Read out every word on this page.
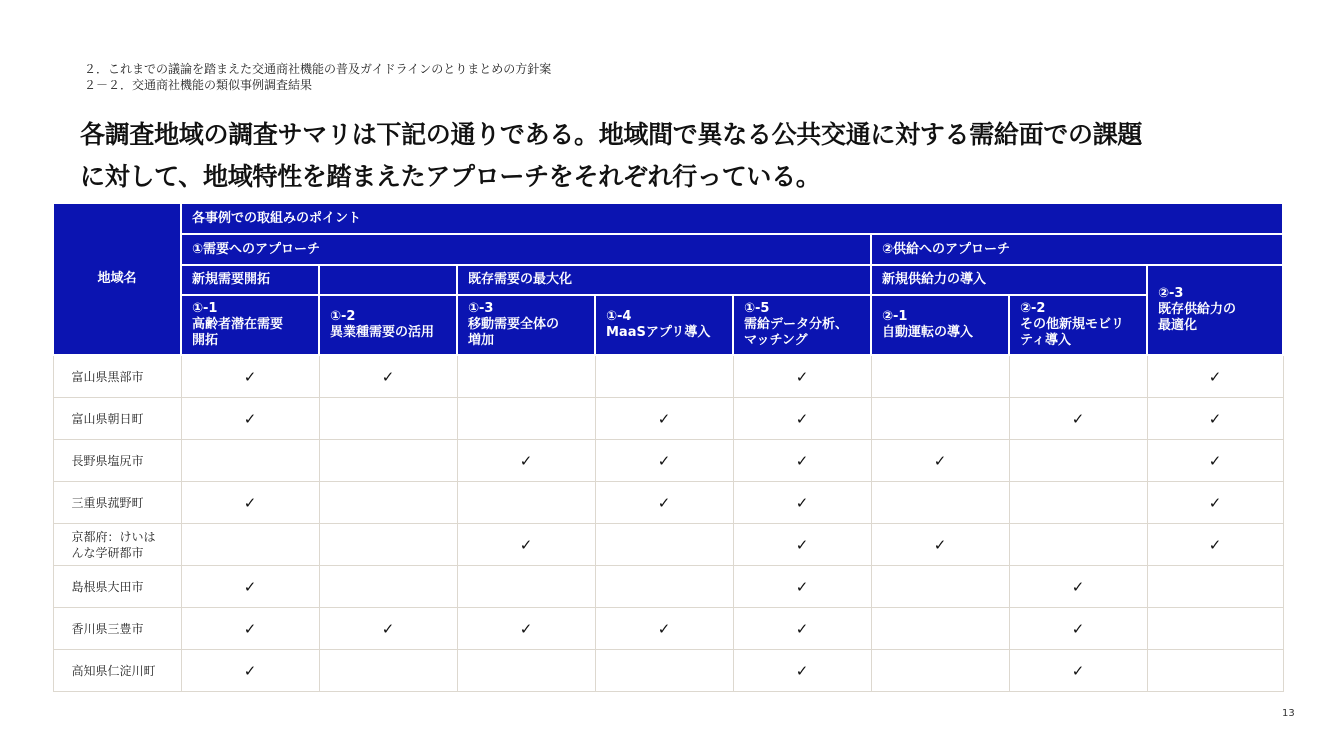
２．これまでの議論を踏まえた交通商社機能の普及ガイドラインのとりまとめの方針案
２－２．交通商社機能の類似事例調査結果
各調査地域の調査サマリは下記の通りである。地域間で異なる公共交通に対する需給面での課題
に対して、地域特性を踏まえたアプローチをそれぞれ行っている。
地域名	各事例での取組みのポイント							
	①需要へのアプローチ					②供給へのアプローチ		
	新規需要開拓		既存需要の最大化			新規供給力の導入		②-3
既存供給力の
最適化

	①-1
高齢者潜在需要
開拓	①-2
異業種需要の活用	①-3
移動需要全体の
増加	①-4
MaaSアプリ導入	①-5
需給データ分析、
マッチング	②-1
自動運転の導入	②-2
その他新規モビリ
ティ導入	

富山県黒部市	✓	✓			✓			✓

富山県朝日町	✓			✓	✓		✓	✓

長野県塩尻市			✓	✓	✓	✓		✓

三重県菰野町	✓			✓	✓			✓

京都府：けいは
んな学研都市			✓		✓	✓		✓

島根県大田市	✓				✓		✓	

香川県三豊市	✓	✓	✓	✓	✓		✓	

高知県仁淀川町	✓				✓		✓	
13
